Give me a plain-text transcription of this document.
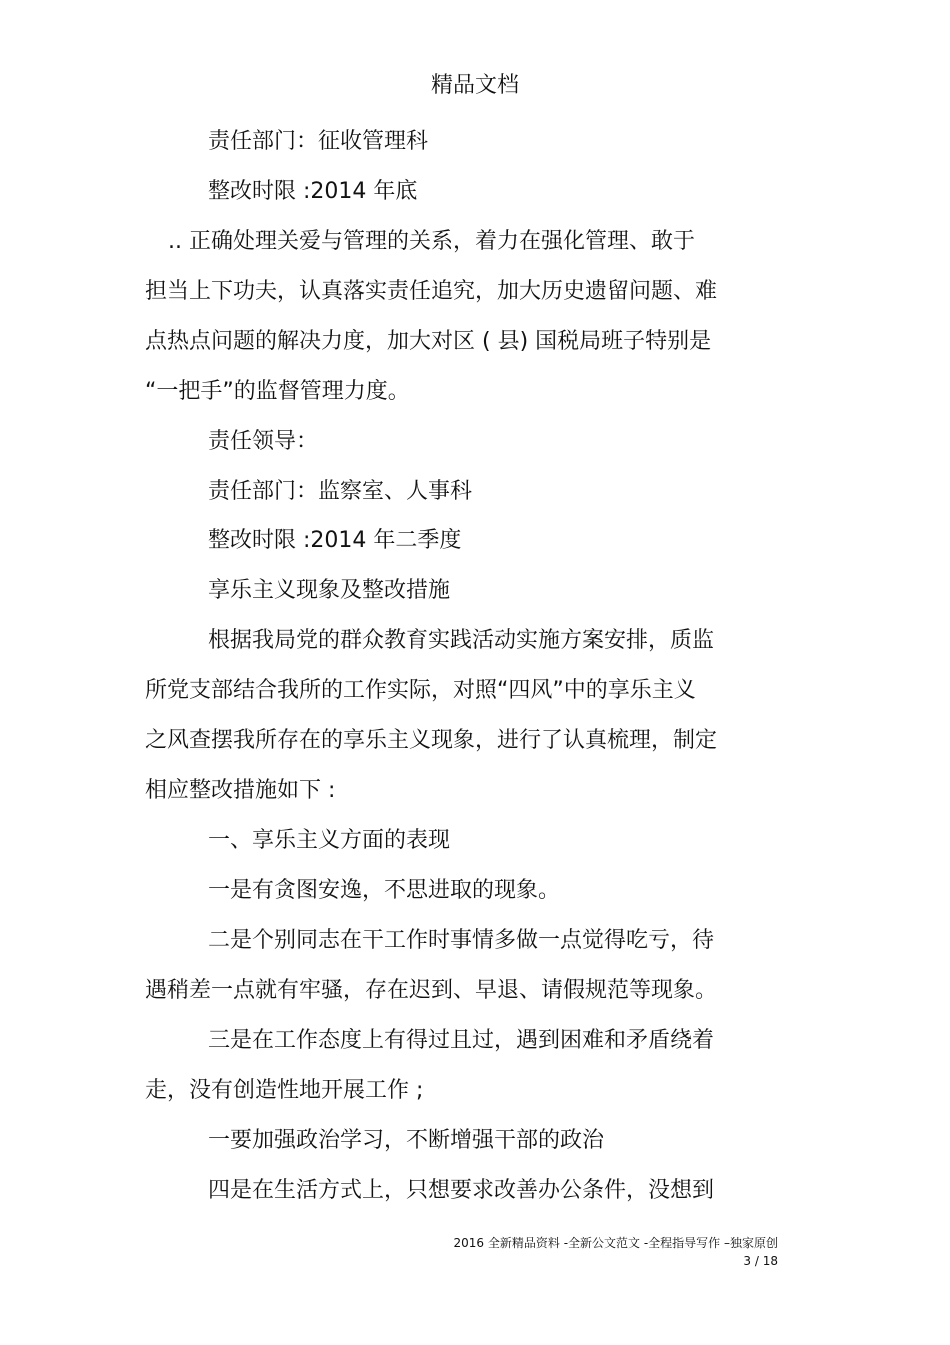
精品文档
责任部门：征收管理科
整改时限 :2014 年底
.. 正确处理关爱与管理的关系，着力在强化管理、敢于
担当上下功夫，认真落实责任追究，加大历史遗留问题、难
点热点问题的解决力度，加大对区 ( 县) 国税局班子特别是
“一把手”的监督管理力度。
责任领导：
责任部门：监察室、人事科
整改时限 :2014 年二季度
享乐主义现象及整改措施
根据我局党的群众教育实践活动实施方案安排，质监
所党支部结合我所的工作实际，对照“四风”中的享乐主义
之风查摆我所存在的享乐主义现象，进行了认真梳理，制定
相应整改措施如下 :
一、享乐主义方面的表现
一是有贪图安逸，不思进取的现象。
二是个别同志在干工作时事情多做一点觉得吃亏，待
遇稍差一点就有牢骚，存在迟到、早退、请假规范等现象。
三是在工作态度上有得过且过，遇到困难和矛盾绕着
走，没有创造性地开展工作 ;
一要加强政治学习，不断增强干部的政治
四是在生活方式上，只想要求改善办公条件，没想到
2016 全新精品资料 -全新公文范文 -全程指导写作 –独家原创
3 / 18
